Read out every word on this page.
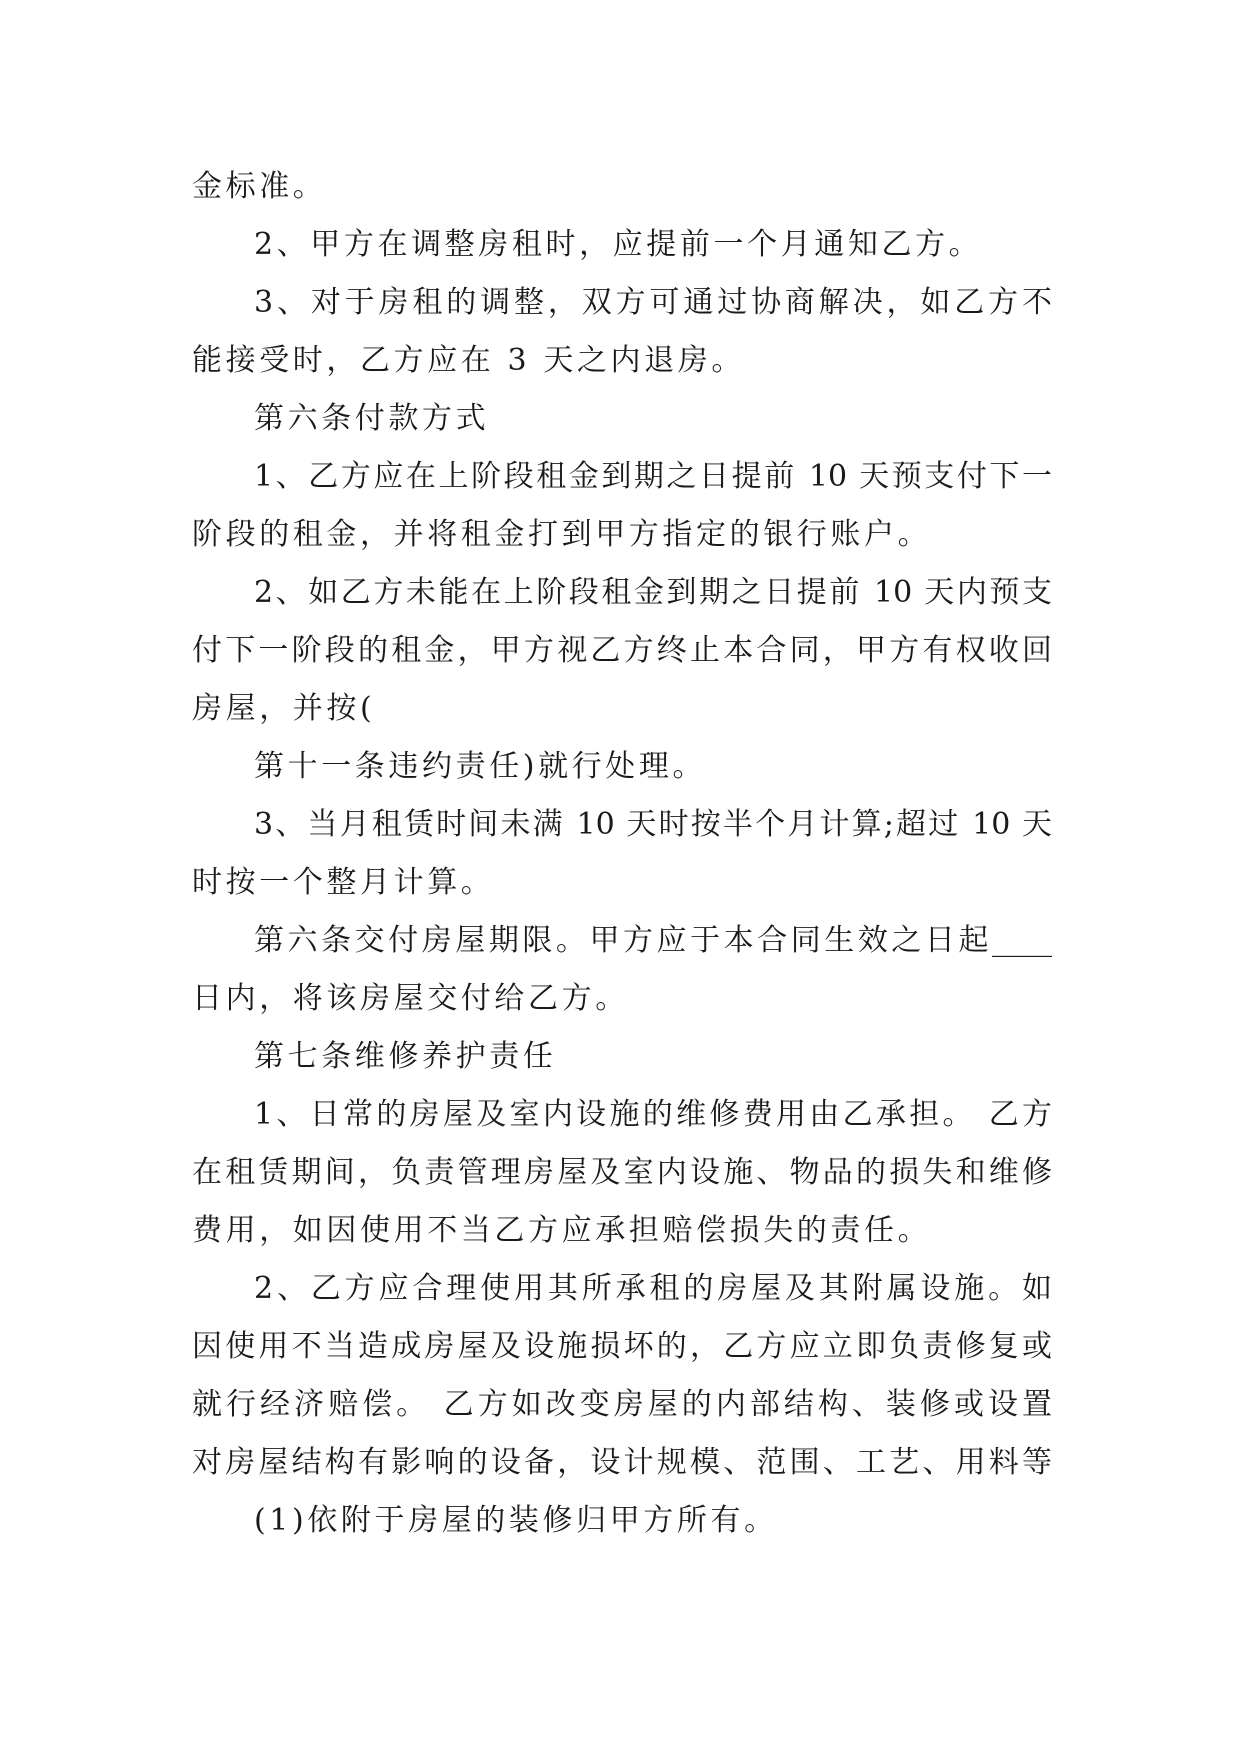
金标准。
2、甲方在调整房租时，应提前一个月通知乙方。
3、对于房租的调整，双方可通过协商解决，如乙方不
能接受时，乙方应在 3 天之内退房。
第六条付款方式
1、乙方应在上阶段租金到期之日提前 10 天预支付下一
阶段的租金，并将租金打到甲方指定的银行账户。
2、如乙方未能在上阶段租金到期之日提前 10 天内预支
付下一阶段的租金，甲方视乙方终止本合同，甲方有权收回
房屋，并按(
第十一条违约责任)就行处理。
3、当月租赁时间未满 10 天时按半个月计算;超过 10 天
时按一个整月计算。
第六条交付房屋期限。甲方应于本合同生效之日起____
日内，将该房屋交付给乙方。
第七条维修养护责任
1、日常的房屋及室内设施的维修费用由乙承担。 乙方
在租赁期间，负责管理房屋及室内设施、物品的损失和维修
费用，如因使用不当乙方应承担赔偿损失的责任。
2、乙方应合理使用其所承租的房屋及其附属设施。如
因使用不当造成房屋及设施损坏的，乙方应立即负责修复或
就行经济赔偿。 乙方如改变房屋的内部结构、装修或设置
对房屋结构有影响的设备，设计规模、范围、工艺、用料等
(1)依附于房屋的装修归甲方所有。
